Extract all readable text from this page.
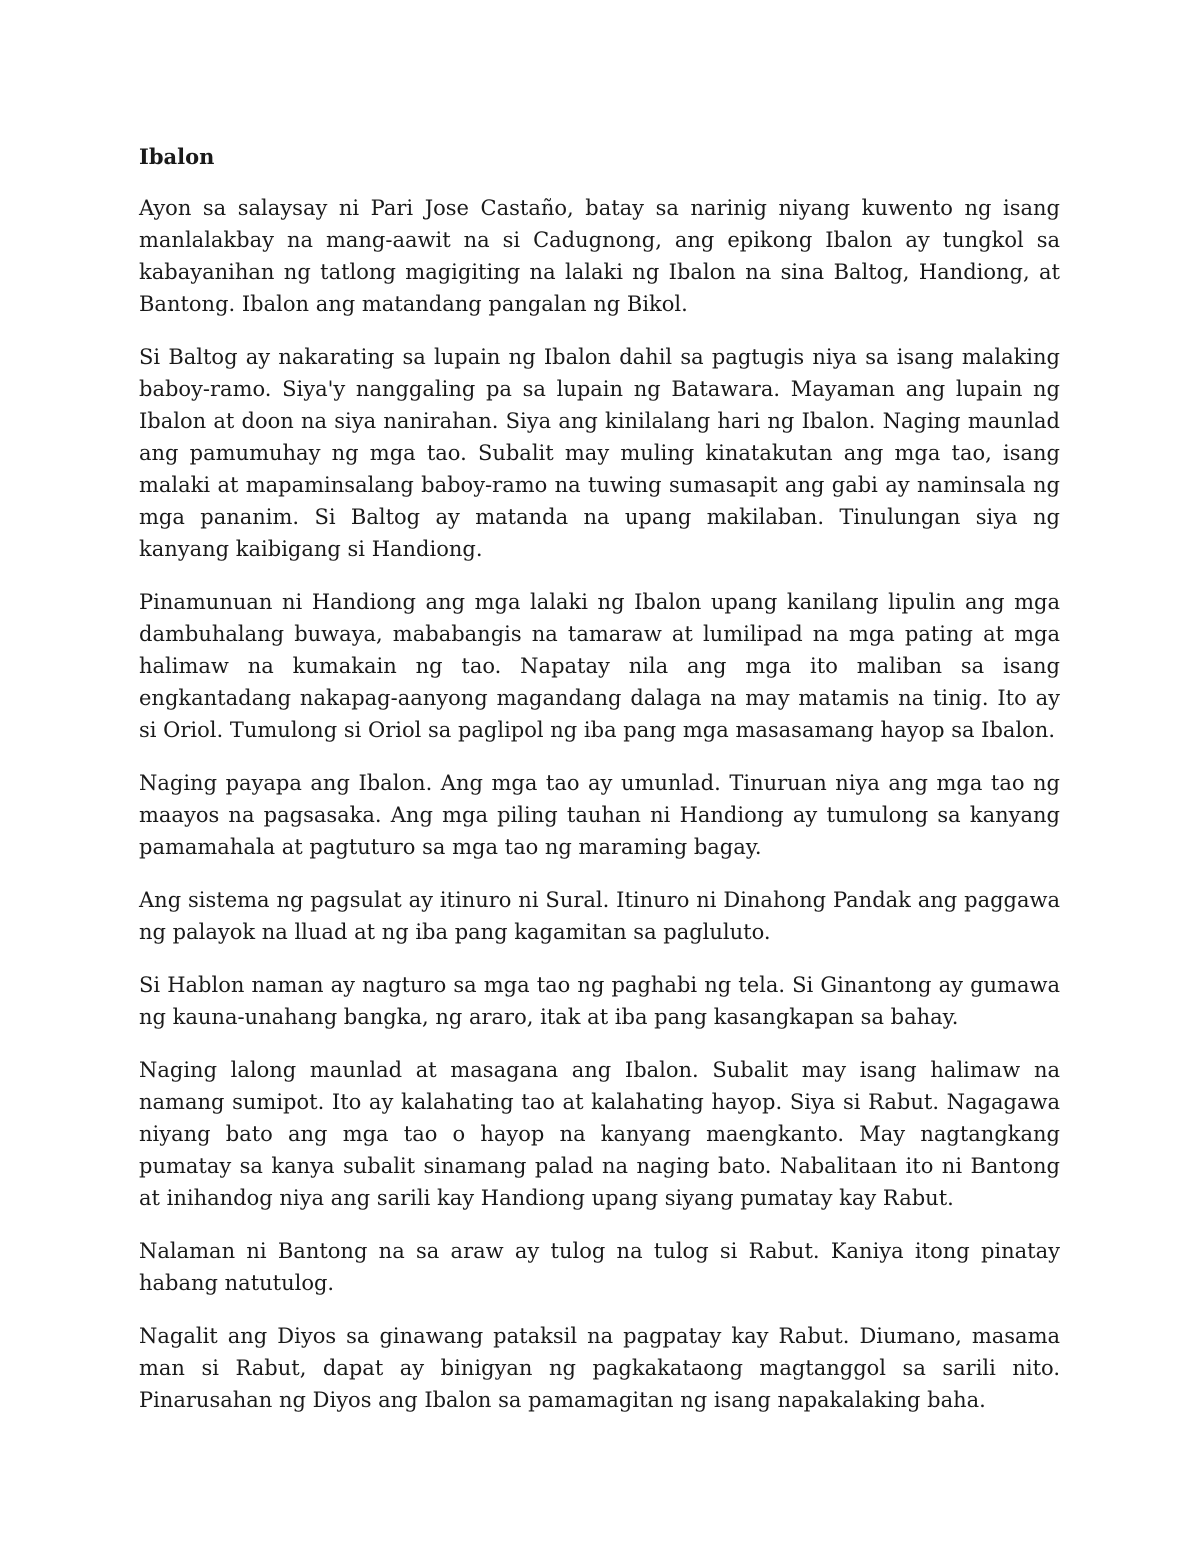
Ibalon

Ayon sa salaysay ni Pari Jose Castaño, batay sa narinig niyang kuwento ng isang manlalakbay na mang-aawit na si Cadugnong, ang epikong Ibalon ay tungkol sa kabayanihan ng tatlong magigiting na lalaki ng Ibalon na sina Baltog, Handiong, at Bantong. Ibalon ang matandang pangalan ng Bikol.

Si Baltog ay nakarating sa lupain ng Ibalon dahil sa pagtugis niya sa isang malaking baboy-ramo. Siya'y nanggaling pa sa lupain ng Batawara. Mayaman ang lupain ng Ibalon at doon na siya nanirahan. Siya ang kinilalang hari ng Ibalon. Naging maunlad ang pamumuhay ng mga tao. Subalit may muling kinatakutan ang mga tao, isang malaki at mapaminsalang baboy-ramo na tuwing sumasapit ang gabi ay naminsala ng mga pananim. Si Baltog ay matanda na upang makilaban. Tinulungan siya ng kanyang kaibigang si Handiong.

Pinamunuan ni Handiong ang mga lalaki ng Ibalon upang kanilang lipulin ang mga dambuhalang buwaya, mababangis na tamaraw at lumilipad na mga pating at mga halimaw na kumakain ng tao. Napatay nila ang mga ito maliban sa isang engkantadang nakapag-aanyong magandang dalaga na may matamis na tinig. Ito ay si Oriol. Tumulong si Oriol sa paglipol ng iba pang mga masasamang hayop sa Ibalon.

Naging payapa ang Ibalon. Ang mga tao ay umunlad. Tinuruan niya ang mga tao ng maayos na pagsasaka. Ang mga piling tauhan ni Handiong ay tumulong sa kanyang pamamahala at pagtuturo sa mga tao ng maraming bagay.

Ang sistema ng pagsulat ay itinuro ni Sural. Itinuro ni Dinahong Pandak ang paggawa ng palayok na lluad at ng iba pang kagamitan sa pagluluto.

Si Hablon naman ay nagturo sa mga tao ng paghabi ng tela. Si Ginantong ay gumawa ng kauna-unahang bangka, ng araro, itak at iba pang kasangkapan sa bahay.

Naging lalong maunlad at masagana ang Ibalon. Subalit may isang halimaw na namang sumipot. Ito ay kalahating tao at kalahating hayop. Siya si Rabut. Nagagawa niyang bato ang mga tao o hayop na kanyang maengkanto. May nagtangkang pumatay sa kanya subalit sinamang palad na naging bato. Nabalitaan ito ni Bantong at inihandog niya ang sarili kay Handiong upang siyang pumatay kay Rabut.

Nalaman ni Bantong na sa araw ay tulog na tulog si Rabut. Kaniya itong pinatay habang natutulog.

Nagalit ang Diyos sa ginawang pataksil na pagpatay kay Rabut. Diumano, masama man si Rabut, dapat ay binigyan ng pagkakataong magtanggol sa sarili nito. Pinarusahan ng Diyos ang Ibalon sa pamamagitan ng isang napakalaking baha.
